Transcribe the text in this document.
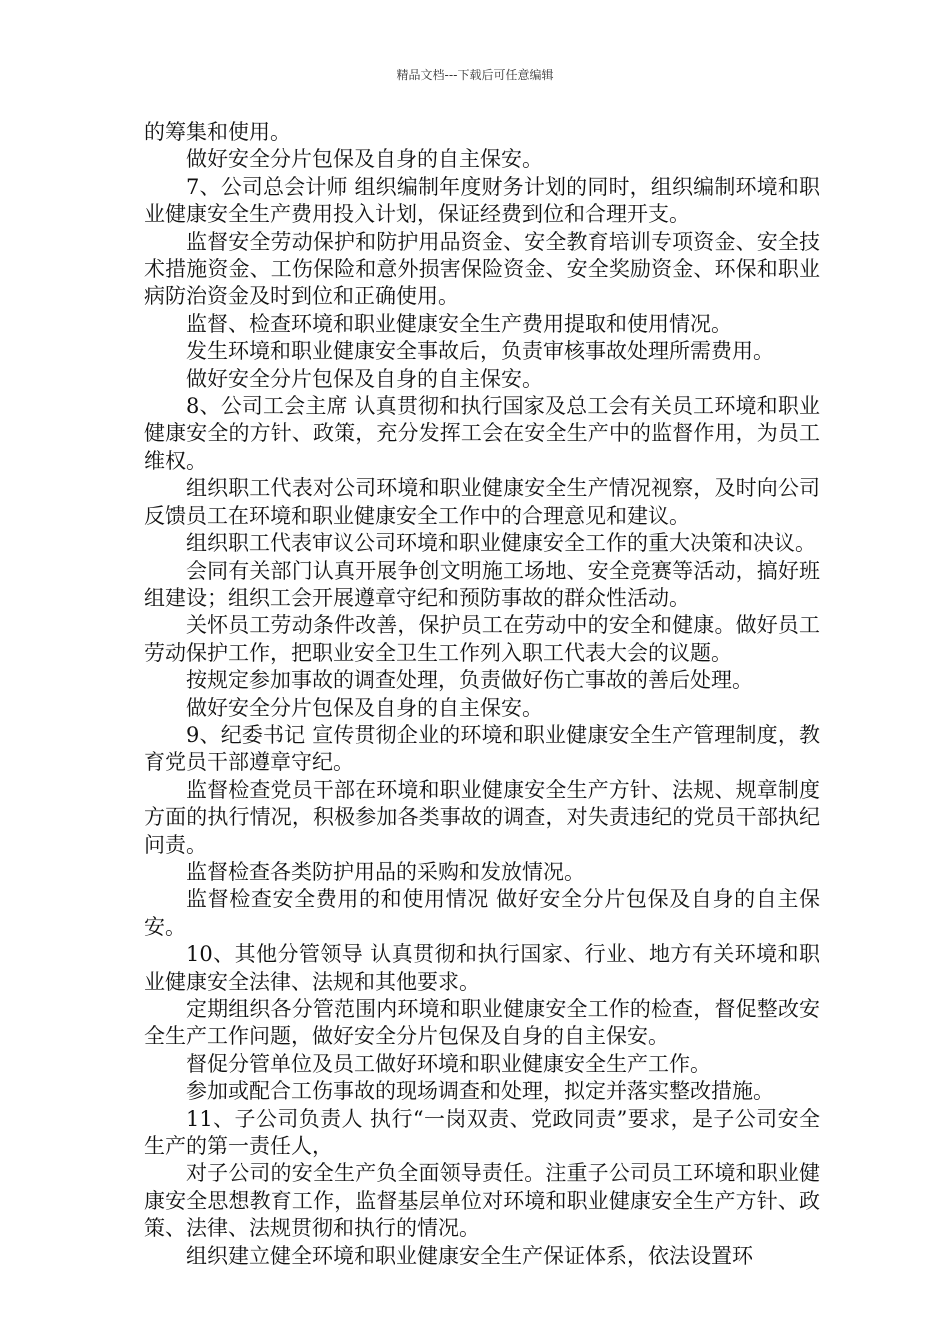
精品文档---下载后可任意编辑

的筹集和使用。

做好安全分片包保及自身的自主保安。

7、公司总会计师 组织编制年度财务计划的同时，组织编制环境和职业健康安全生产费用投入计划，保证经费到位和合理开支。

监督安全劳动保护和防护用品资金、安全教育培训专项资金、安全技术措施资金、工伤保险和意外损害保险资金、安全奖励资金、环保和职业病防治资金及时到位和正确使用。

监督、检查环境和职业健康安全生产费用提取和使用情况。

发生环境和职业健康安全事故后，负责审核事故处理所需费用。

做好安全分片包保及自身的自主保安。

8、公司工会主席 认真贯彻和执行国家及总工会有关员工环境和职业健康安全的方针、政策，充分发挥工会在安全生产中的监督作用，为员工维权。

组织职工代表对公司环境和职业健康安全生产情况视察，及时向公司反馈员工在环境和职业健康安全工作中的合理意见和建议。

组织职工代表审议公司环境和职业健康安全工作的重大决策和决议。

会同有关部门认真开展争创文明施工场地、安全竞赛等活动，搞好班组建设；组织工会开展遵章守纪和预防事故的群众性活动。

关怀员工劳动条件改善，保护员工在劳动中的安全和健康。做好员工劳动保护工作，把职业安全卫生工作列入职工代表大会的议题。

按规定参加事故的调查处理，负责做好伤亡事故的善后处理。

做好安全分片包保及自身的自主保安。

9、纪委书记 宣传贯彻企业的环境和职业健康安全生产管理制度，教育党员干部遵章守纪。

监督检查党员干部在环境和职业健康安全生产方针、法规、规章制度方面的执行情况，积极参加各类事故的调查，对失责违纪的党员干部执纪问责。

监督检查各类防护用品的采购和发放情况。

监督检查安全费用的和使用情况 做好安全分片包保及自身的自主保安。

10、其他分管领导 认真贯彻和执行国家、行业、地方有关环境和职业健康安全法律、法规和其他要求。

定期组织各分管范围内环境和职业健康安全工作的检查，督促整改安全生产工作问题，做好安全分片包保及自身的自主保安。

督促分管单位及员工做好环境和职业健康安全生产工作。

参加或配合工伤事故的现场调查和处理，拟定并落实整改措施。

11、子公司负责人 执行“一岗双责、党政同责”要求，是子公司安全生产的第一责任人，

对子公司的安全生产负全面领导责任。注重子公司员工环境和职业健康安全思想教育工作，监督基层单位对环境和职业健康安全生产方针、政策、法律、法规贯彻和执行的情况。

组织建立健全环境和职业健康安全生产保证体系，依法设置环
